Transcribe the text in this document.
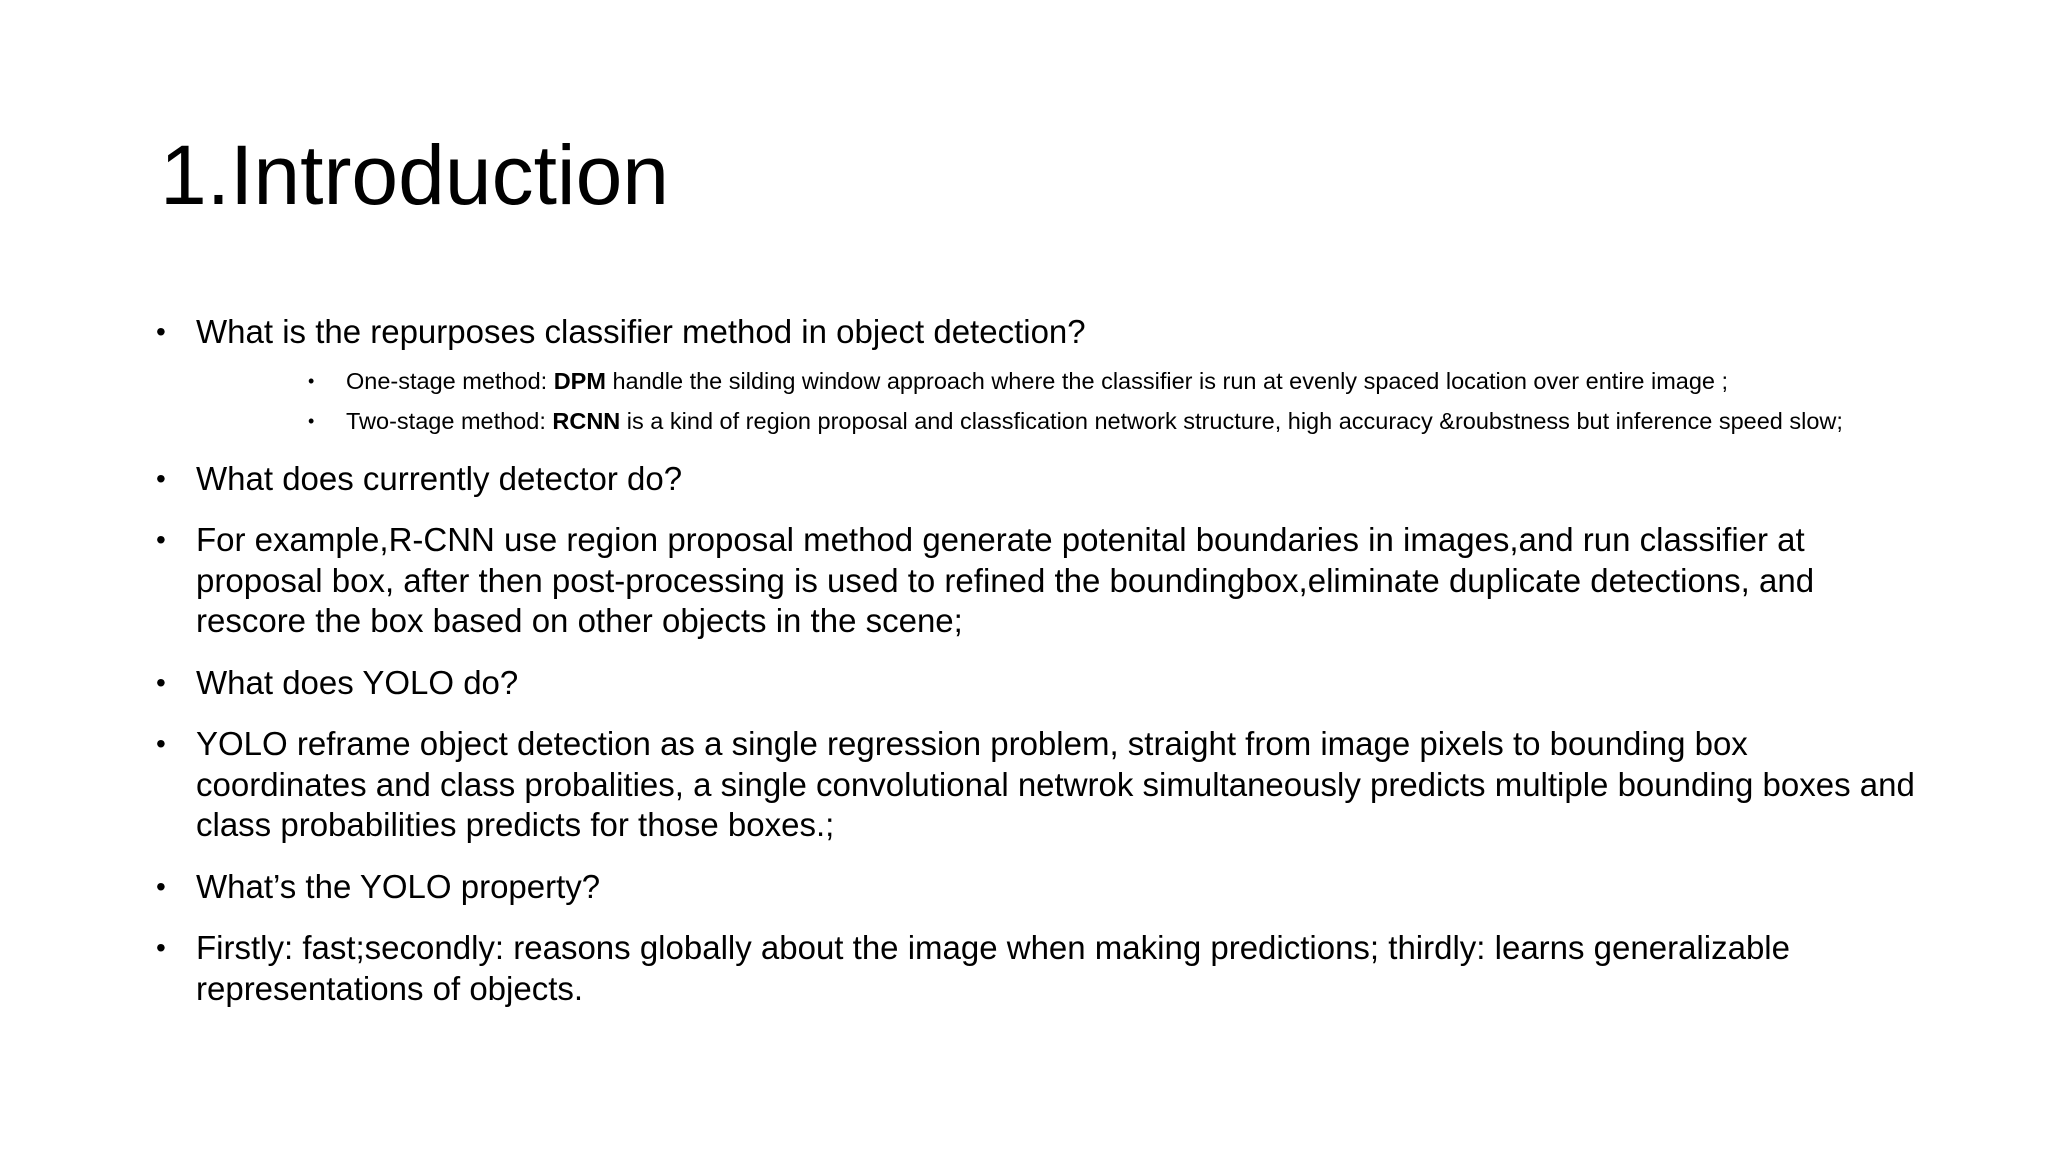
1.Introduction
• What is the repurposes classifier method in object detection?
• One-stage method: DPM handle the silding window approach where the classifier is run at evenly spaced location over entire image ;
• Two-stage method: RCNN is a kind of region proposal and classfication network structure, high accuracy &roubstness but inference speed slow;
• What does currently detector do?
• For example,R-CNN use region proposal method generate potenital boundaries in images,and run classifier at proposal box, after then post-processing is used to refined the boundingbox,eliminate duplicate detections, and rescore the box based on other objects in the scene;
• What does YOLO do?
• YOLO reframe object detection as a single regression problem, straight from image pixels to bounding box coordinates and class probalities, a single convolutional netwrok simultaneously predicts multiple bounding boxes and class probabilities predicts for those boxes.;
• What’s the YOLO property?
• Firstly: fast;secondly: reasons globally about the image when making predictions; thirdly: learns generalizable representations of objects.
